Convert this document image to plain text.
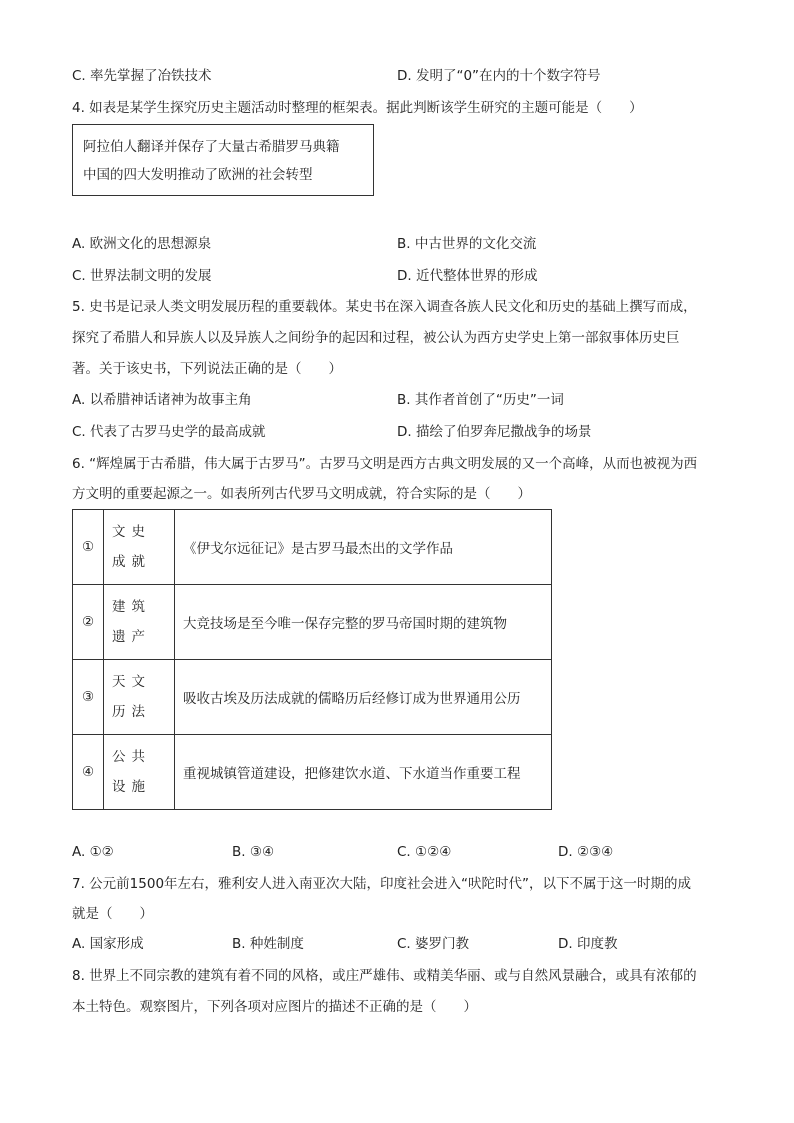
C. 率先掌握了冶铁技术	D. 发明了“0”在内的十个数字符号
4. 如表是某学生探究历史主题活动时整理的框架表。据此判断该学生研究的主题可能是（　　）
阿拉伯人翻译并保存了大量古希腊罗马典籍
中国的四大发明推动了欧洲的社会转型
A. 欧洲文化的思想源泉	B. 中古世界的文化交流
C. 世界法制文明的发展	D. 近代整体世界的形成
5. 史书是记录人类文明发展历程的重要载体。某史书在深入调查各族人民文化和历史的基础上撰写而成，
探究了希腊人和异族人以及异族人之间纷争的起因和过程，被公认为西方史学史上第一部叙事体历史巨
著。关于该史书，下列说法正确的是（　　）
A. 以希腊神话诸神为故事主角	B. 其作者首创了“历史”一词
C. 代表了古罗马史学的最高成就	D. 描绘了伯罗奔尼撒战争的场景
6. “辉煌属于古希腊，伟大属于古罗马”。古罗马文明是西方古典文明发展的又一个高峰，从而也被视为西
方文明的重要起源之一。如表所列古代罗马文明成就，符合实际的是（　　）
①	文史成就	《伊戈尔远征记》是古罗马最杰出的文学作品
②	建筑遗产	大竞技场是至今唯一保存完整的罗马帝国时期的建筑物
③	天文历法	吸收古埃及历法成就的儒略历后经修订成为世界通用公历
④	公共设施	重视城镇管道建设，把修建饮水道、下水道当作重要工程
A. ①②	B. ③④	C. ①②④	D. ②③④
7. 公元前1500年左右，雅利安人进入南亚次大陆，印度社会进入“吠陀时代”，以下不属于这一时期的成
就是（　　）
A. 国家形成	B. 种姓制度	C. 婆罗门教	D. 印度教
8. 世界上不同宗教的建筑有着不同的风格，或庄严雄伟、或精美华丽、或与自然风景融合，或具有浓郁的
本土特色。观察图片，下列各项对应图片的描述不正确的是（　　）
